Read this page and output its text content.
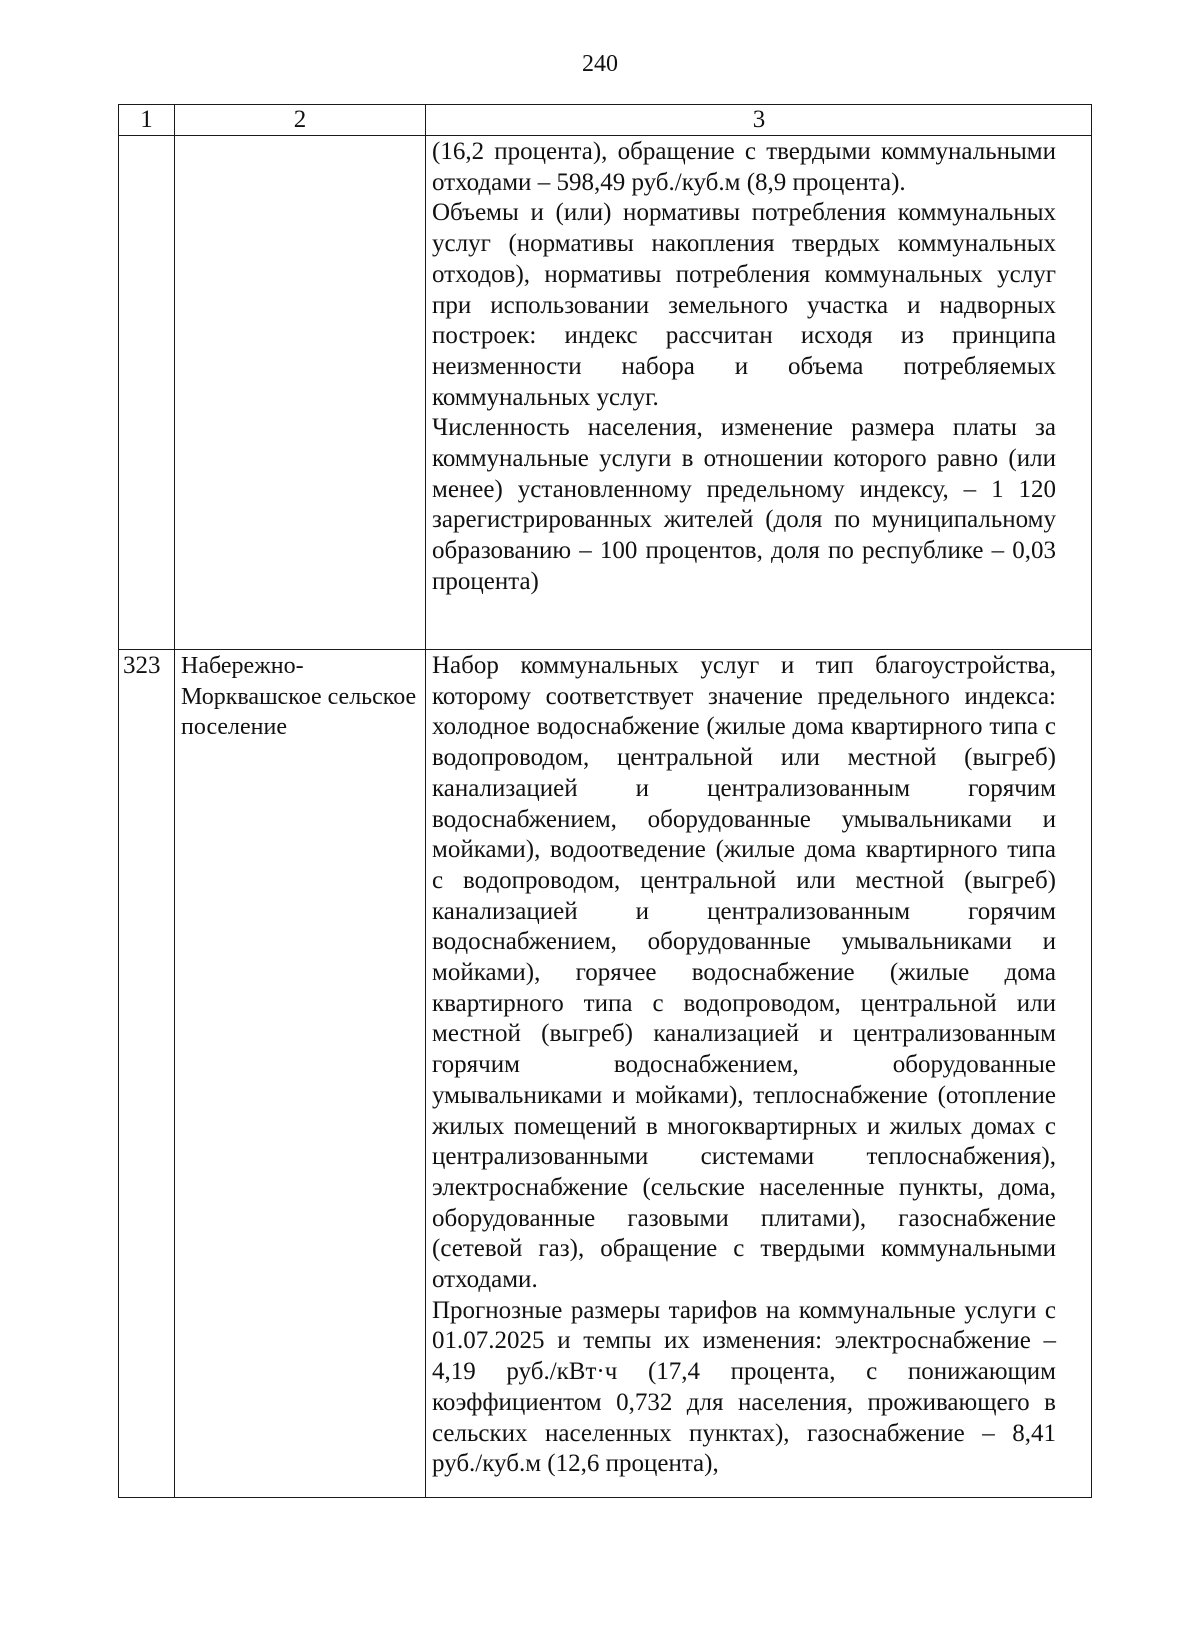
240
1	2	3

(16,2 процента), обращение с твердыми коммунальными отходами – 598,49 руб./куб.м (8,9 процента).

Объемы и (или) нормативы потребления коммунальных услуг (нормативы накопления твердых коммунальных отходов), нормативы потребления коммунальных услуг при использовании земельного участка и надворных построек: индекс рассчитан исходя из принципа неизменности набора и объема потребляемых коммунальных услуг.

Численность населения, изменение размера платы за коммунальные услуги в отношении которого равно (или менее) установленному предельному индексу, – 1 120 зарегистрированных жителей (доля по муниципальному образованию – 100 процентов, доля по республике – 0,03 процента)

323 Набережно-Морквашское сельское поселение

Набор коммунальных услуг и тип благоустройства, которому соответствует значение предельного индекса: холодное водоснабжение (жилые дома квартирного типа с водопроводом, центральной или местной (выгреб) канализацией и централизованным горячим водоснабжением, оборудованные умывальниками и мойками), водоотведение (жилые дома квартирного типа с водопроводом, центральной или местной (выгреб) канализацией и централизованным горячим водоснабжением, оборудованные умывальниками и мойками), горячее водоснабжение (жилые дома квартирного типа с водопроводом, центральной или местной (выгреб) канализацией и централизованным горячим водоснабжением, оборудованные умывальниками и мойками), теплоснабжение (отопление жилых помещений в многоквартирных и жилых домах с централизованными системами теплоснабжения), электроснабжение (сельские населенные пункты, дома, оборудованные газовыми плитами), газоснабжение (сетевой газ), обращение с твердыми коммунальными отходами.

Прогнозные размеры тарифов на коммунальные услуги с 01.07.2025 и темпы их изменения: электроснабжение – 4,19 руб./кВт·ч (17,4 процента, с понижающим коэффициентом 0,732 для населения, проживающего в сельских населенных пунктах), газоснабжение – 8,41 руб./куб.м (12,6 процента),
